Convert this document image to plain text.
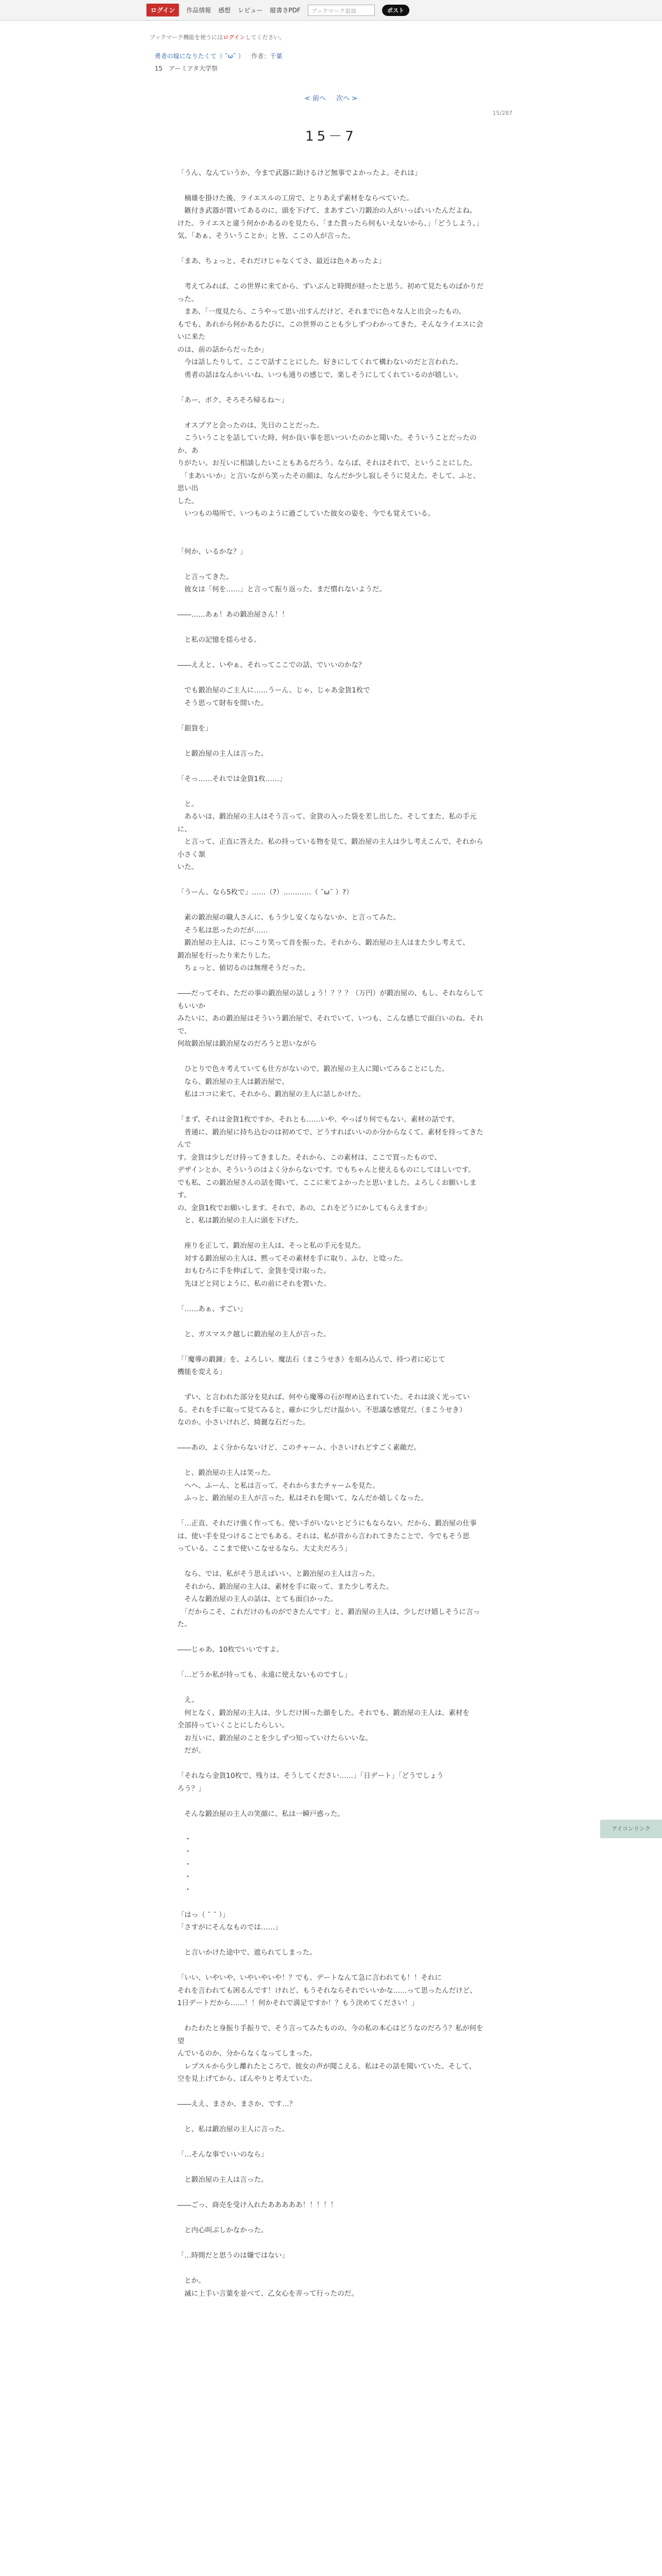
ログイン	作品情報 感想 レビュー 縦書きPDF	ブックマーク追加	ポスト
ブックマーク機能を使うにはログインしてください。
勇者の嫁になりたくて（ ˘ω˘ ） 作者：千葉
15　アーミアタ大学祭
< 前へ 次へ >
15/287
15－7

「うん、なんていうか、今まで武器に助けるけど無事でよかったよ。それは」

　楠雄を掛けた後、ライエスルの工房で、とりあえず素材をならべていた。

　鏃付き武器が置いてあるのに、頭を下げて、まあすごい刀鍛冶の人がいっぱいいたんだよね。

けた。ライエスと違う何かかあるのを見たら、「また貰ったら何もいえないから、」「どうしよう。」

気、「あぁ、そういうことか」と皆、ここの人が言った。

「まあ、ちょっと、それだけじゃなくてさ、最近は色々あったよ」

　考えてみれば、この世界に来てから、ずいぶんと時間が経ったと思う。初めて見たものばかりだった。

　まあ、「一度見たら、こうやって思い出すんだけど、それまでに色々な人と出会ったもの。

もでも、あれから何かあるたびに、この世界のことも少しずつわかってきた。そんなライエスに会いに来た

のは、前の話からだったか」

　今は話したりして、ここで話すことにした。好きにしてくれて構わないのだと言われた。

　勇者の話はなんかいいね、いつも通りの感じで、楽しそうにしてくれているのが嬉しい。

「あー、ボク、そろそろ帰るね～」

　オスプアと会ったのは、先日のことだった。

　こういうことを話していた時、何か良い事を思いついたのかと聞いた。そういうことだったのか、あ

りがたい。お互いに相談したいこともあるだろう。ならば、それはそれで、ということにした。

　「まあいいか」と言いながら笑ったその顔は、なんだか少し寂しそうに見えた。そして、ふと、思い出

した。

　いつもの場所で、いつものように過ごしていた彼女の姿を、今でも覚えている。

「何か、いるかな？」

　と言ってきた。

　彼女は「何を……」と言って振り返った。まだ慣れないようだ。

――……あぁ！あの鍛冶屋さん！！

　と私の記憶を揺らせる。

――ええと、いやぁ、それってここでの話、でいいのかな？

　でも鍛冶屋のご主人に……うーん、じゃ、じゃあ金貨1枚で

　そう思って財布を開いた。

「銀貨を」

　と鍛冶屋の主人は言った。

「そっ……それでは金貨1枚……」

　と。

　あるいは、鍛冶屋の主人はそう言って、金貨の入った袋を差し出した。そしてまた、私の手元に、

　と言って、正直に答えた。私の持っている物を見て、鍛冶屋の主人は少し考えこんで、それから小さく頷

いた。

「うーん、なら5枚で」……（?）…………（ ˘ω˘ ）?）

　素の鍛冶屋の職人さんに、もう少し安くならないか、と言ってみた。

　そう私は思ったのだが……

　鍛冶屋の主人は、にっこり笑って首を振った。それから、鍛冶屋の主人はまた少し考えて、

鍛冶屋を行ったり来たりした。

　ちょっと、値切るのは無理そうだった。

――だってそれ、ただの事の鍛冶屋の話しょう！？？？（万円）が鍛冶屋の、もし、それならしてもいいか

みたいに、あの鍛冶屋はそういう鍛冶屋で、それでいて、いつも、こんな感じで面白いのね。それで、

何故鍛冶屋は鍛冶屋なのだろうと思いながら

　ひとりで色々考えていても仕方がないので、鍛冶屋の主人に聞いてみることにした。

　なら、鍛冶屋の主人は鍛冶屋で、

　私はココに来て、それから、鍛冶屋の主人に話しかけた。

「まず、それは金貨1枚ですか、それとも……いや、やっぱり何でもない、素材の話です。

　普通に、鍛冶屋に持ち込むのは初めてで、どうすればいいのか分からなくて。素材を持ってきたんで

す。金貨は少しだけ持ってきました。それから、この素材は、ここで買ったもので、

デザインとか、そういうのはよく分からないです。でもちゃんと使えるものにしてほしいです。

でも私、この鍛冶屋さんの話を聞いて、ここに来てよかったと思いました。よろしくお願いします。

の、金貨1枚でお願いします。それで、あの、これをどうにかしてもらえますか」

　と、私は鍛冶屋の主人に頭を下げた。

　座りを正して、鍛冶屋の主人は、そっと私の手元を見た。

　対する鍛冶屋の主人は、黙ってその素材を手に取り、ふむ、と唸った。

　おもむろに手を伸ばして、金貨を受け取った。

　先ほどと同じように、私の前にそれを置いた。

「……あぁ、すごい」

　と、ガスマスク越しに鍛冶屋の主人が言った。

「「魔導の鍛錬」を、よろしい。魔法石（まこうせき）を組み込んで、持つ者に応じて

機能を変える」

　ずい、と言われた部分を見れば、何やら魔導の石が埋め込まれていた。それは淡く光ってい

る。それを手に取って見てみると、確かに少しだけ温かい。不思議な感覚だ。（まこうせき）

なのか。小さいけれど、綺麗な石だった。

――あの、よく分からないけど、このチャーム、小さいけれどすごく素敵だ。

　と、鍛冶屋の主人は笑った。

　へへ、ふーん、と私は言って、それからまたチャームを見た。

　ふっと、鍛冶屋の主人が言った。私はそれを聞いて、なんだか嬉しくなった。

「…正直、それだけ強く作っても、使い手がいないとどうにもならない。だから、鍛冶屋の仕事

は、使い手を見つけることでもある。それは、私が昔から言われてきたことで、今でもそう思

っている。ここまで使いこなせるなら、大丈夫だろう」

　なら、では、私がそう思えばいい、と鍛冶屋の主人は言った。

　それから、鍛冶屋の主人は、素材を手に取って、また少し考えた。

　そんな鍛冶屋の主人の話は、とても面白かった。

　「だからこそ、これだけのものができたんです」と、鍛冶屋の主人は、少しだけ嬉しそうに言った。

――じゃあ、10枚でいいですよ。

「…どうか私が持っても、永遠に使えないものですし」

　え。

　何となく、鍛冶屋の主人は、少しだけ困った顔をした。それでも、鍛冶屋の主人は、素材を

全部持っていくことにしたらしい。

　お互いに、鍛冶屋のことを少しずつ知っていけたらいいな。

　だが。

「それなら金貨10枚で、残りは、そうしてください……」「日デート」「どうでしょう

ろう？」

　そんな鍛冶屋の主人の笑顔に、私は一瞬戸惑った。

　・

　・

　・

　・

　・

「はっ（ ˘ ˘ ）」

「さすがにそんなものでは……」

　と言いかけた途中で、遮られてしまった。

「いい、いやいや、いやいやいや！？でも、デートなんて急に言われても！！それに

それを言われても困るんです！けれど、もうそれならそれでいいかな……って思ったんだけど、

1日デートだから……！！何かそれで満足ですか！？もう決めてください！」

　わたわたと身振り手振りで、そう言ってみたものの、今の私の本心はどうなのだろう？私が何を望

んでいるのか、分からなくなってしまった。

　レプスルから少し離れたところで、彼女の声が聞こえる。私はその話を聞いていた。そして、

空を見上げてから、ぼんやりと考えていた。

――ええ、まさか、まさか、です…？

　と、私は鍛冶屋の主人に言った。

「…そんな事でいいのなら」

　と鍛冶屋の主人は言った。

――ごっ、商売を受け入れたあああああ！！！！！

　と内心叫ぶしかなかった。

「…時間だと思うのは嫌ではない」

　とか。

　滅に上手い言葉を並べて、乙女心を弄って行ったのだ。

アイコンリンク
